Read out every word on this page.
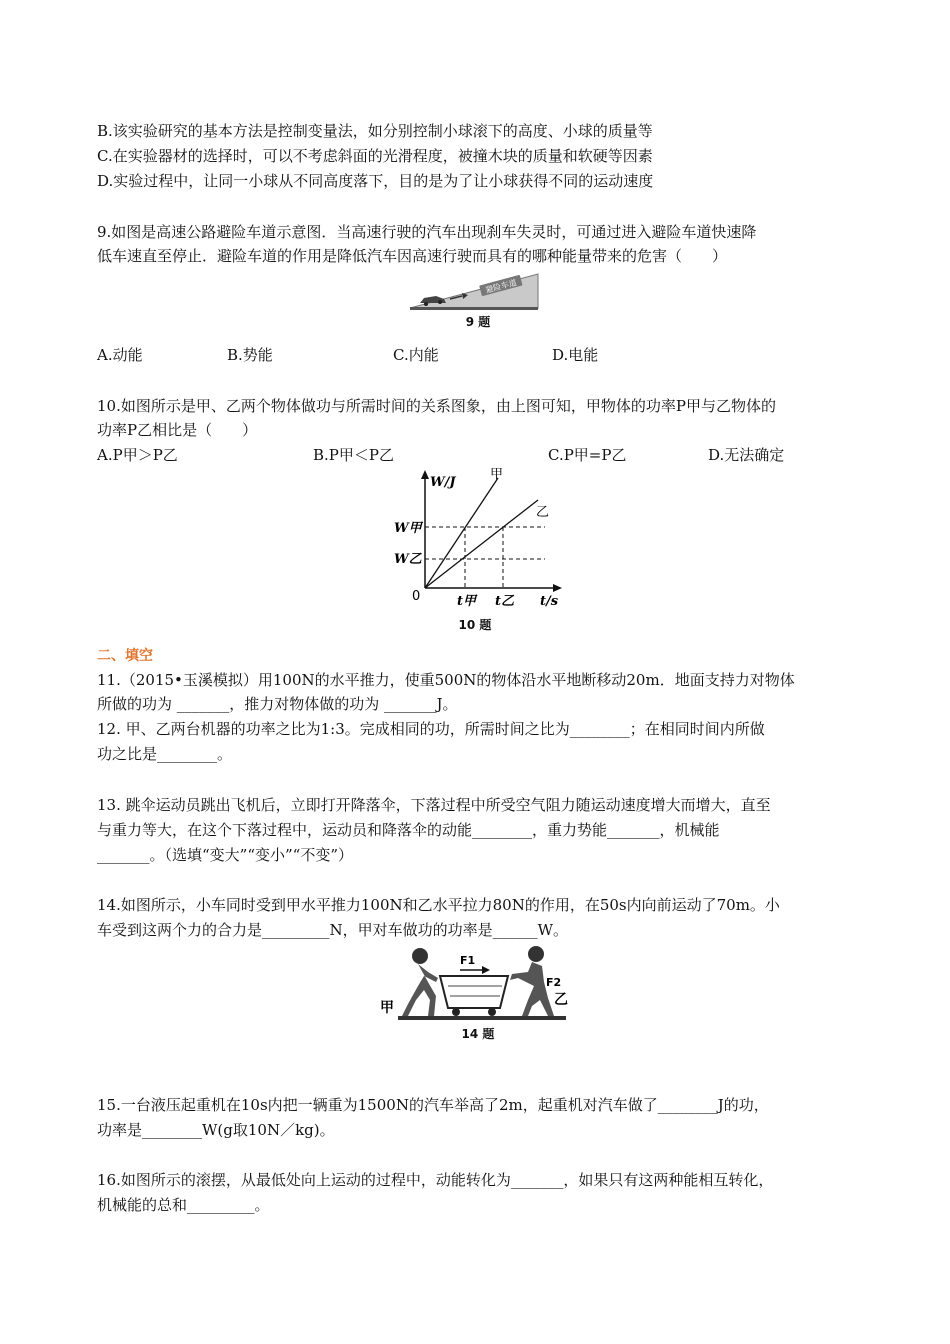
B.该实验研究的基本方法是控制变量法，如分别控制小球滚下的高度、小球的质量等
C.在实验器材的选择时，可以不考虑斜面的光滑程度，被撞木块的质量和软硬等因素
D.实验过程中，让同一小球从不同高度落下，目的是为了让小球获得不同的运动速度
9.如图是高速公路避险车道示意图．当高速行驶的汽车出现刹车失灵时，可通过进入避险车道快速降
低车速直至停止．避险车道的作用是降低汽车因高速行驶而具有的哪种能量带来的危害（　　）
避险车道
9 题
A.动能	B.势能	C.内能	D.电能
10.如图所示是甲、乙两个物体做功与所需时间的关系图象，由上图可知，甲物体的功率P甲与乙物体的
功率P乙相比是（　　）
A.P甲＞P乙	B.P甲＜P乙	C.P甲=P乙	D.无法确定
W/J
t/s
0
甲
乙
W甲
W乙
t甲 t乙
10 题
二、填空
11.（2015•玉溪模拟）用100N的水平推力，使重500N的物体沿水平地断移动20m．地面支持力对物体
所做的功为 _______，推力对物体做的功为 _______J。
12. 甲、乙两台机器的功率之比为1:3。完成相同的功，所需时间之比为________；在相同时间内所做
功之比是________。
13. 跳伞运动员跳出飞机后，立即打开降落伞，下落过程中所受空气阻力随运动速度增大而增大，直至
与重力等大，在这个下落过程中，运动员和降落伞的动能________，重力势能_______，机械能
_______。（选填“变大”“变小”“不变”）
14.如图所示，小车同时受到甲水平推力100N和乙水平拉力80N的作用，在50s内向前运动了70m。小
车受到这两个力的合力是_________N，甲对车做功的功率是______W。
F1
F2
甲	乙
14 题
15.一台液压起重机在10s内把一辆重为1500N的汽车举高了2m，起重机对汽车做了________J的功，
功率是________W(g取10N／kg)。
16.如图所示的滚摆，从最低处向上运动的过程中，动能转化为_______，如果只有这两种能相互转化，
机械能的总和_________。
